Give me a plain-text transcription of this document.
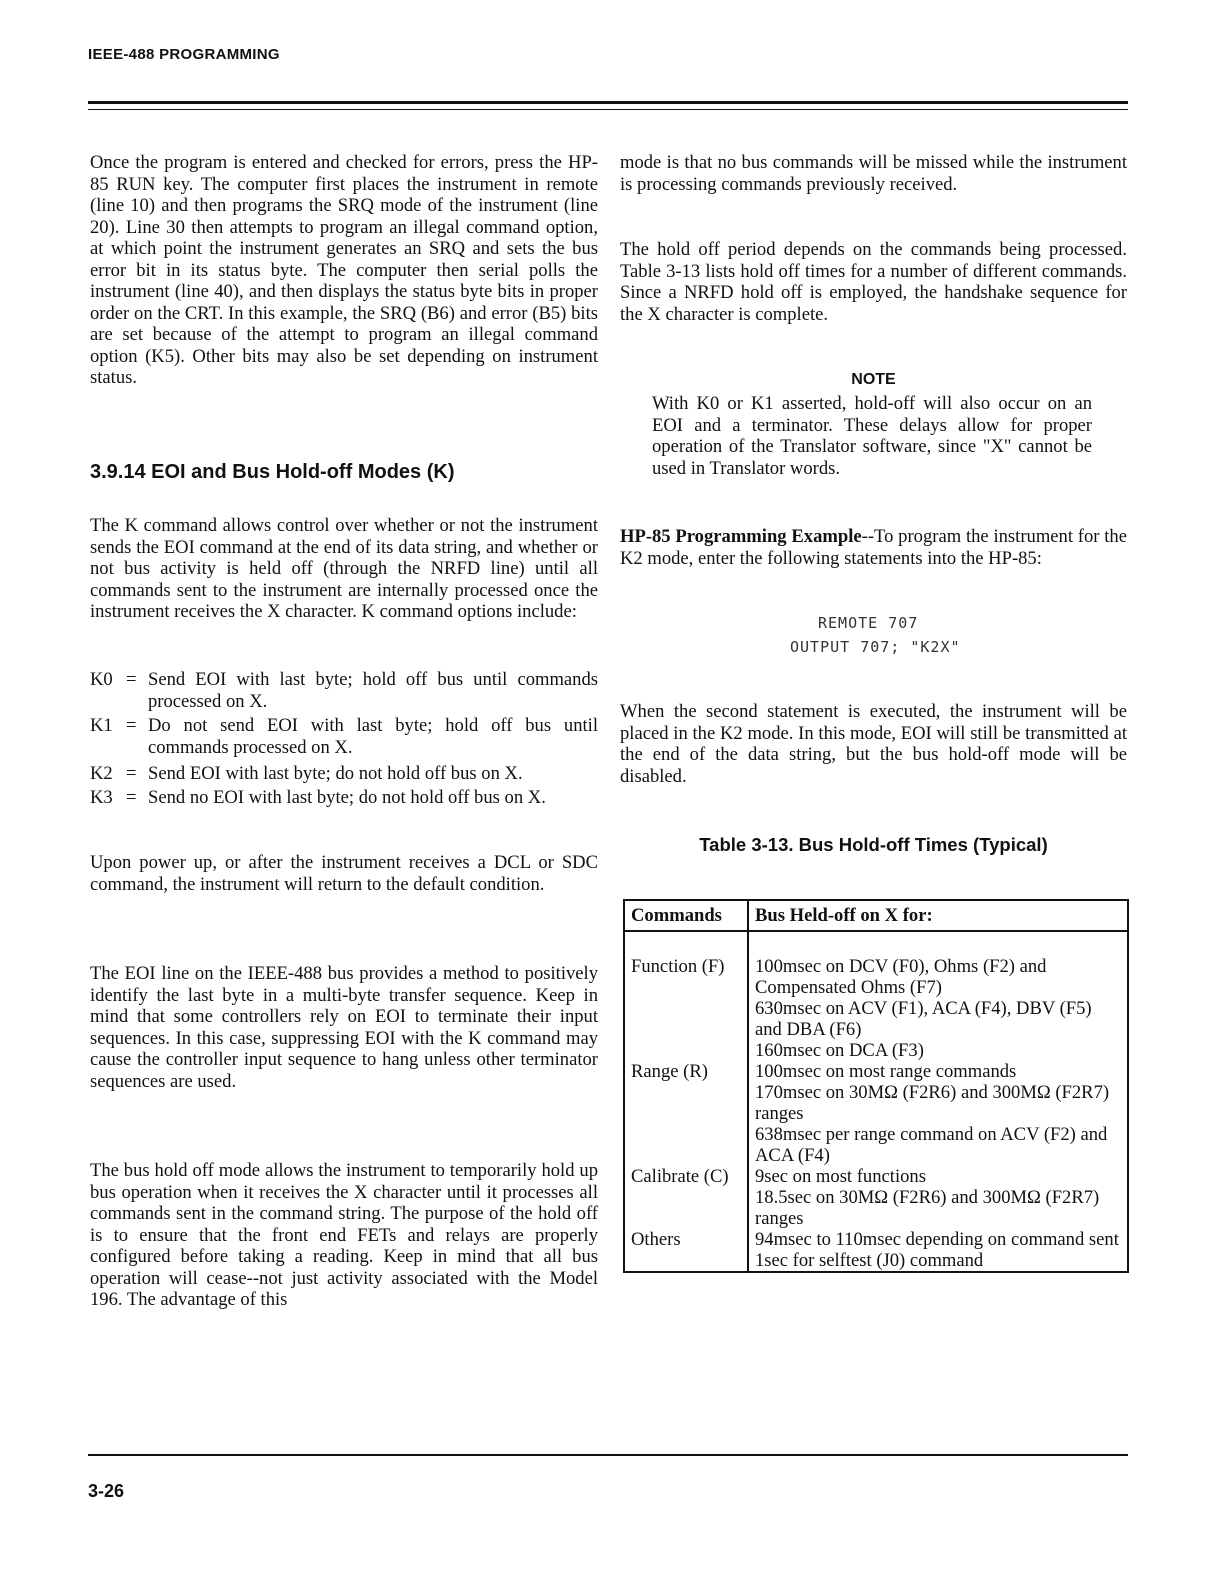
IEEE-488 PROGRAMMING

Once the program is entered and checked for errors, press the HP-85 RUN key. The computer first places the instrument in remote (line 10) and then programs the SRQ mode of the instrument (line 20). Line 30 then attempts to program an illegal command option, at which point the instrument generates an SRQ and sets the bus error bit in its status byte. The computer then serial polls the instrument (line 40), and then displays the status byte bits in proper order on the CRT. In this example, the SRQ (B6) and error (B5) bits are set because of the attempt to program an illegal command option (K5). Other bits may also be set depending on instrument status.

3.9.14 EOI and Bus Hold-off Modes (K)

The K command allows control over whether or not the instrument sends the EOI command at the end of its data string, and whether or not bus activity is held off (through the NRFD line) until all commands sent to the instrument are internally processed once the instrument receives the X character. K command options include:

K0 = Send EOI with last byte; hold off bus until commands processed on X.
K1 = Do not send EOI with last byte; hold off bus until commands processed on X.
K2 = Send EOI with last byte; do not hold off bus on X.
K3 = Send no EOI with last byte; do not hold off bus on X.

Upon power up, or after the instrument receives a DCL or SDC command, the instrument will return to the default condition.

The EOI line on the IEEE-488 bus provides a method to positively identify the last byte in a multi-byte transfer sequence. Keep in mind that some controllers rely on EOI to terminate their input sequences. In this case, suppressing EOI with the K command may cause the controller input sequence to hang unless other terminator sequences are used.

The bus hold off mode allows the instrument to temporarily hold up bus operation when it receives the X character until it processes all commands sent in the command string. The purpose of the hold off is to ensure that the front end FETs and relays are properly configured before taking a reading. Keep in mind that all bus operation will cease--not just activity associated with the Model 196. The advantage of this

mode is that no bus commands will be missed while the instrument is processing commands previously received.

The hold off period depends on the commands being processed. Table 3-13 lists hold off times for a number of different commands. Since a NRFD hold off is employed, the handshake sequence for the X character is complete.

NOTE
With K0 or K1 asserted, hold-off will also occur on an EOI and a terminator. These delays allow for proper operation of the Translator software, since "X" cannot be used in Translator words.

HP-85 Programming Example--To program the instrument for the K2 mode, enter the following statements into the HP-85:

REMOTE 707
OUTPUT 707; "K2X"

When the second statement is executed, the instrument will be placed in the K2 mode. In this mode, EOI will still be transmitted at the end of the data string, but the bus hold-off mode will be disabled.

Table 3-13. Bus Hold-off Times (Typical)
Commands	Bus Held-off on X for:

Function (F)	100msec on DCV (F0), Ohms (F2) and Compensated Ohms (F7)
630msec on ACV (F1), ACA (F4), DBV (F5) and DBA (F6)
160msec on DCA (F3)

Range (R)	100msec on most range commands
170msec on 30MΩ (F2R6) and 300MΩ (F2R7) ranges
638msec per range command on ACV (F2) and ACA (F4)

Calibrate (C)	9sec on most functions
18.5sec on 30MΩ (F2R6) and 300MΩ (F2R7) ranges

Others	94msec to 110msec depending on command sent
1sec for selftest (J0) command
3-26
